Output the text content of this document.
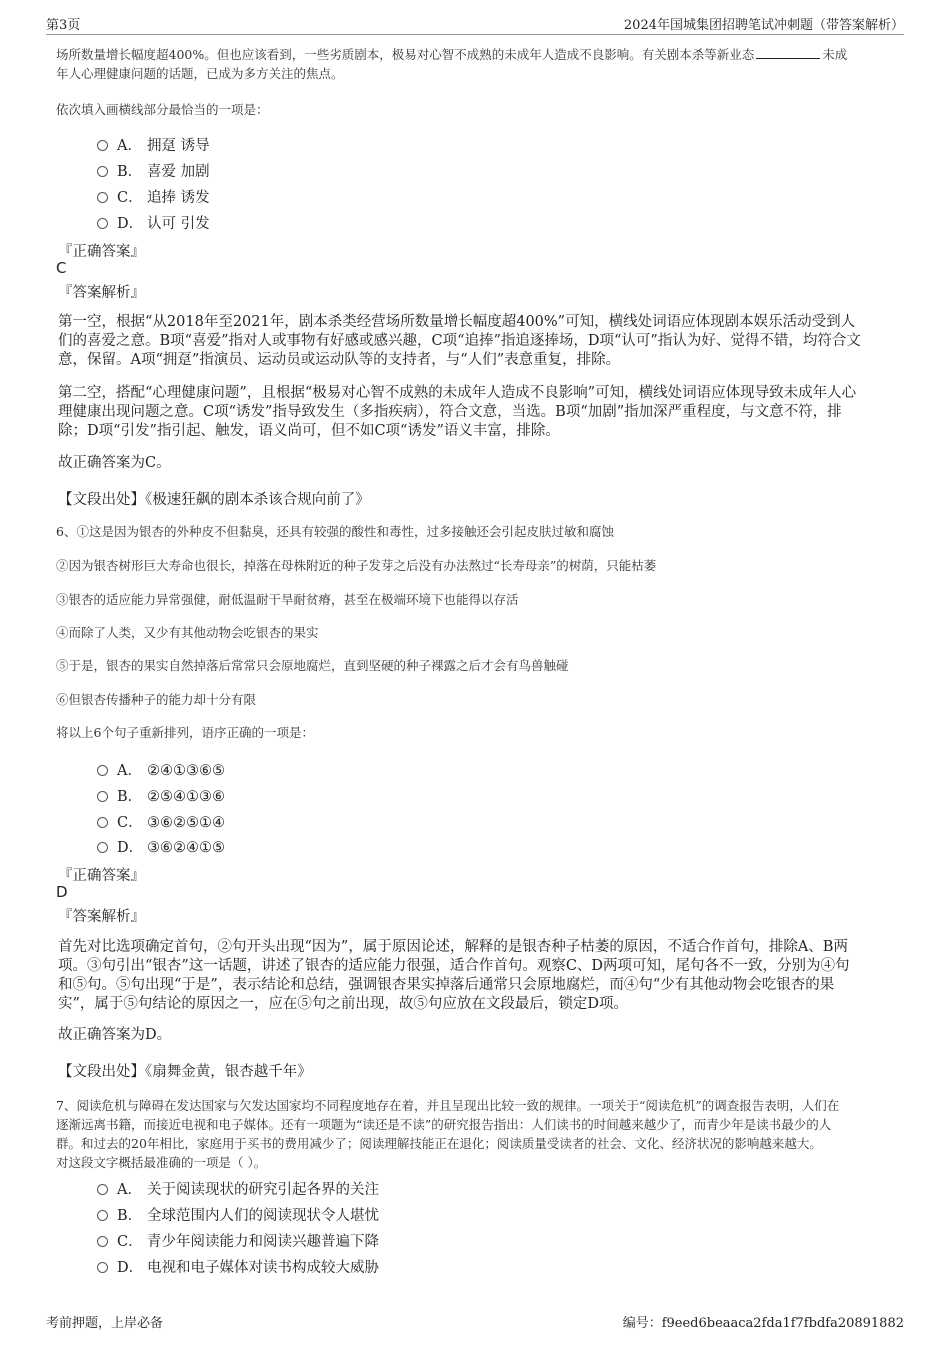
第3页	2024年国城集团招聘笔试冲刺题（带答案解析）
场所数量增长幅度超400%。但也应该看到，一些劣质剧本，极易对心智不成熟的未成年人造成不良影响。有关剧本杀等新业态	未成
年人心理健康问题的话题，已成为多方关注的焦点。
依次填入画横线部分最恰当的一项是：
A． 拥趸 诱导
B． 喜爱 加剧
C． 追捧 诱发
D． 认可 引发
『正确答案』
C
『答案解析』
第一空，根据“从2018年至2021年，剧本杀类经营场所数量增长幅度超400%”可知，横线处词语应体现剧本娱乐活动受到人
们的喜爱之意。B项“喜爱”指对人或事物有好感或感兴趣，C项“追捧”指追逐捧场，D项“认可”指认为好、觉得不错，均符合文
意，保留。A项“拥趸”指演员、运动员或运动队等的支持者，与“人们”表意重复，排除。
第二空，搭配“心理健康问题”，且根据“极易对心智不成熟的未成年人造成不良影响”可知，横线处词语应体现导致未成年人心
理健康出现问题之意。C项“诱发”指导致发生（多指疾病），符合文意，当选。B项“加剧”指加深严重程度，与文意不符，排
除；D项“引发”指引起、触发，语义尚可，但不如C项“诱发”语义丰富，排除。
故正确答案为C。
【文段出处】《极速狂飙的剧本杀该合规向前了》
6、①这是因为银杏的外种皮不但黏臭，还具有较强的酸性和毒性，过多接触还会引起皮肤过敏和腐蚀
②因为银杏树形巨大寿命也很长，掉落在母株附近的种子发芽之后没有办法熬过“长寿母亲”的树荫，只能枯萎
③银杏的适应能力异常强健，耐低温耐干旱耐贫瘠，甚至在极端环境下也能得以存活
④而除了人类，又少有其他动物会吃银杏的果实
⑤于是，银杏的果实自然掉落后常常只会原地腐烂，直到坚硬的种子裸露之后才会有鸟兽触碰
⑥但银杏传播种子的能力却十分有限
将以上6个句子重新排列，语序正确的一项是：
A． ②④①③⑥⑤
B． ②⑤④①③⑥
C． ③⑥②⑤①④
D． ③⑥②④①⑤
『正确答案』
D
『答案解析』
首先对比选项确定首句，②句开头出现“因为”，属于原因论述，解释的是银杏种子枯萎的原因，不适合作首句，排除A、B两
项。③句引出“银杏”这一话题，讲述了银杏的适应能力很强，适合作首句。观察C、D两项可知，尾句各不一致，分别为④句
和⑤句。⑤句出现“于是”，表示结论和总结，强调银杏果实掉落后通常只会原地腐烂，而④句“少有其他动物会吃银杏的果
实”，属于⑤句结论的原因之一，应在⑤句之前出现，故⑤句应放在文段最后，锁定D项。
故正确答案为D。
【文段出处】《扇舞金黄，银杏越千年》
7、阅读危机与障碍在发达国家与欠发达国家均不同程度地存在着，并且呈现出比较一致的规律。一项关于“阅读危机”的调查报告表明，人们在
逐渐远离书籍，而接近电视和电子媒体。还有一项题为“读还是不读”的研究报告指出：人们读书的时间越来越少了，而青少年是读书最少的人
群。和过去的20年相比，家庭用于买书的费用减少了；阅读理解技能正在退化；阅读质量受读者的社会、文化、经济状况的影响越来越大。
对这段文字概括最准确的一项是（ ）。
A． 关于阅读现状的研究引起各界的关注
B． 全球范围内人们的阅读现状令人堪忧
C． 青少年阅读能力和阅读兴趣普遍下降
D． 电视和电子媒体对读书构成较大威胁
考前押题，上岸必备	编号：f9eed6beaaca2fda1f7fbdfa20891882
